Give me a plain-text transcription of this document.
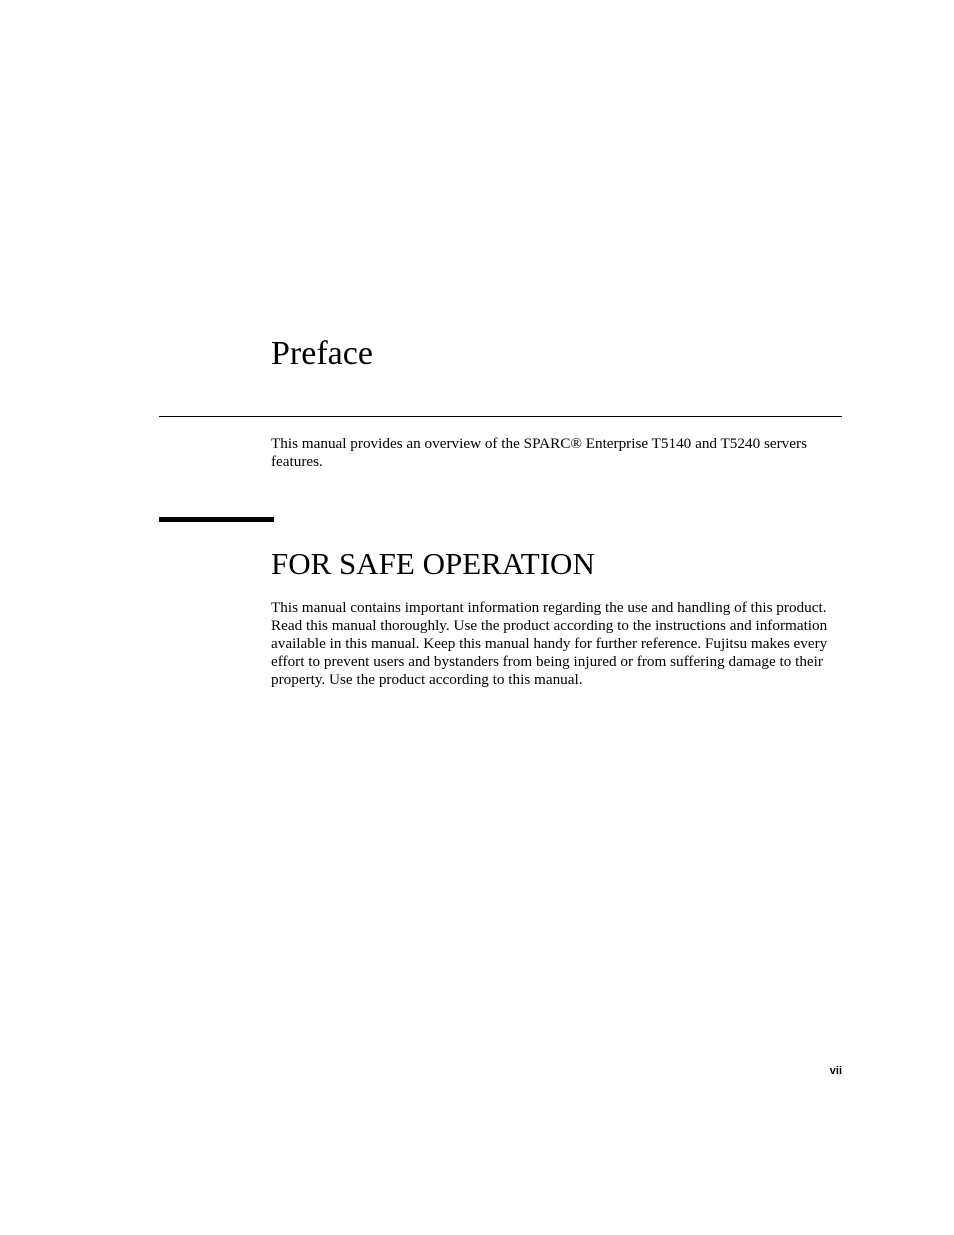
Preface

This manual provides an overview of the SPARC® Enterprise T5140 and T5240 servers features.

FOR SAFE OPERATION

This manual contains important information regarding the use and handling of this product. Read this manual thoroughly. Use the product according to the instructions and information available in this manual. Keep this manual handy for further reference. Fujitsu makes every effort to prevent users and bystanders from being injured or from suffering damage to their property. Use the product according to this manual.

vii
